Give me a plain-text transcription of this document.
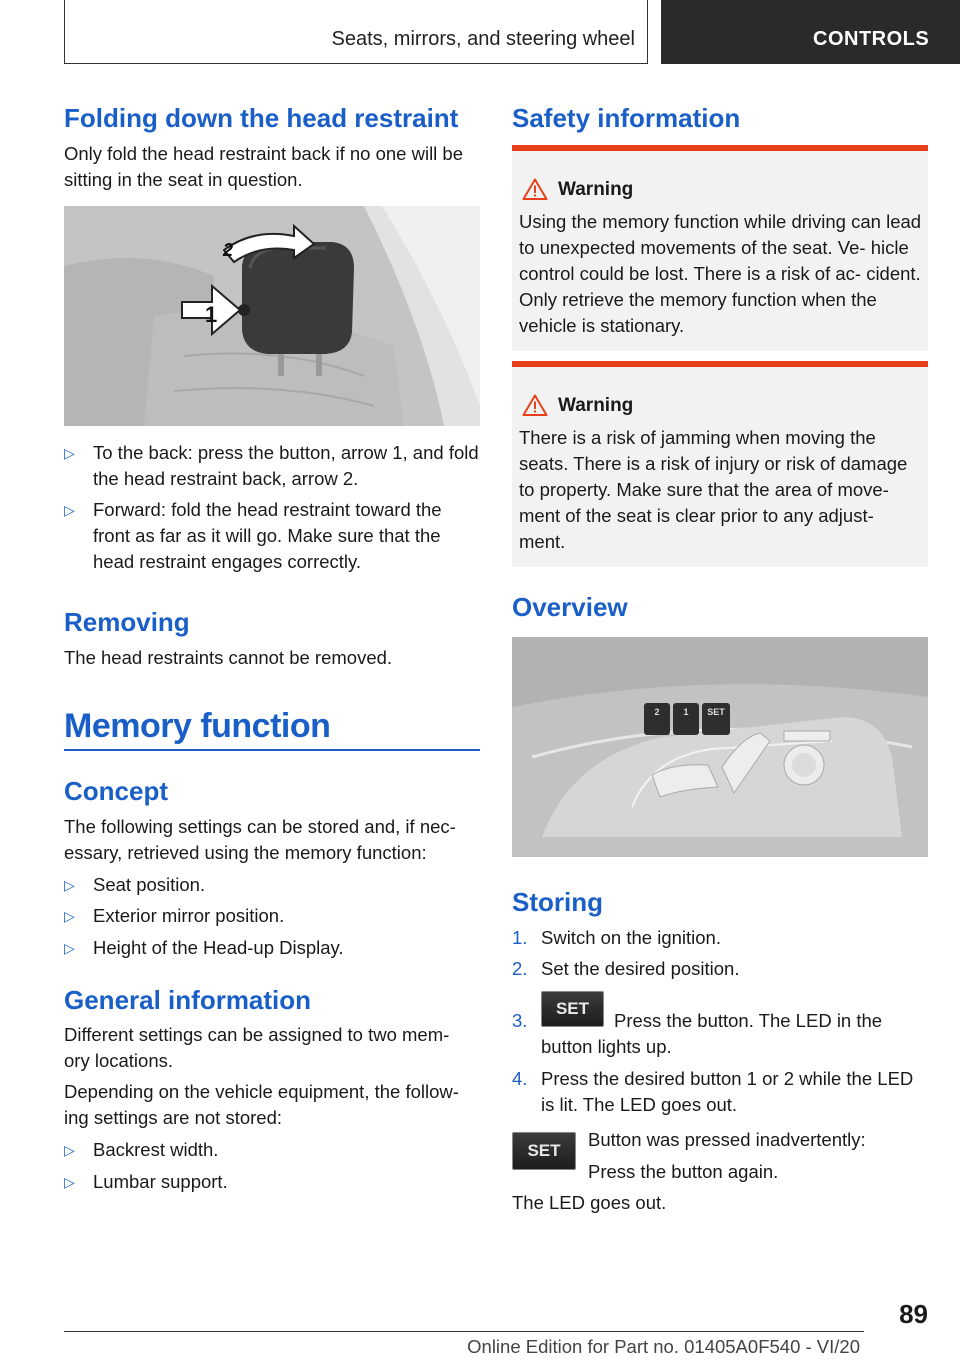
Seats, mirrors, and steering wheel	CONTROLS
Folding down the head restraint

Only fold the head restraint back if no one will be sitting in the seat in question.

1
2
▷ To the back: press the button, arrow 1, and fold the head restraint back, arrow 2.
▷ Forward: fold the head restraint toward the front as far as it will go. Make sure that the head restraint engages correctly.
Removing

The head restraints cannot be removed.

Memory function
Concept

The following settings can be stored and, if nec- essary, retrieved using the memory function:

▷ Seat position.
▷ Exterior mirror position.
▷ Height of the Head-up Display.
General information

Different settings can be assigned to two mem- ory locations.

Depending on the vehicle equipment, the follow- ing settings are not stored:

▷ Backrest width.
▷ Lumbar support.
Safety information
Warning
Using the memory function while driving can lead to unexpected movements of the seat. Ve- hicle control could be lost. There is a risk of ac- cident. Only retrieve the memory function when the vehicle is stationary.
Warning
There is a risk of jamming when moving the seats. There is a risk of injury or risk of damage to property. Make sure that the area of move- ment of the seat is clear prior to any adjust- ment.
Overview
2	1	SET
Storing
1. Switch on the ignition.
2. Set the desired position.
3.
SET
Press the button. The LED in the button lights up.
4. Press the desired button 1 or 2 while the LED is lit. The LED goes out.
SET

Button was pressed inadvertently:

Press the button again.

The LED goes out.

89
Online Edition for Part no. 01405A0F540 - VI/20
